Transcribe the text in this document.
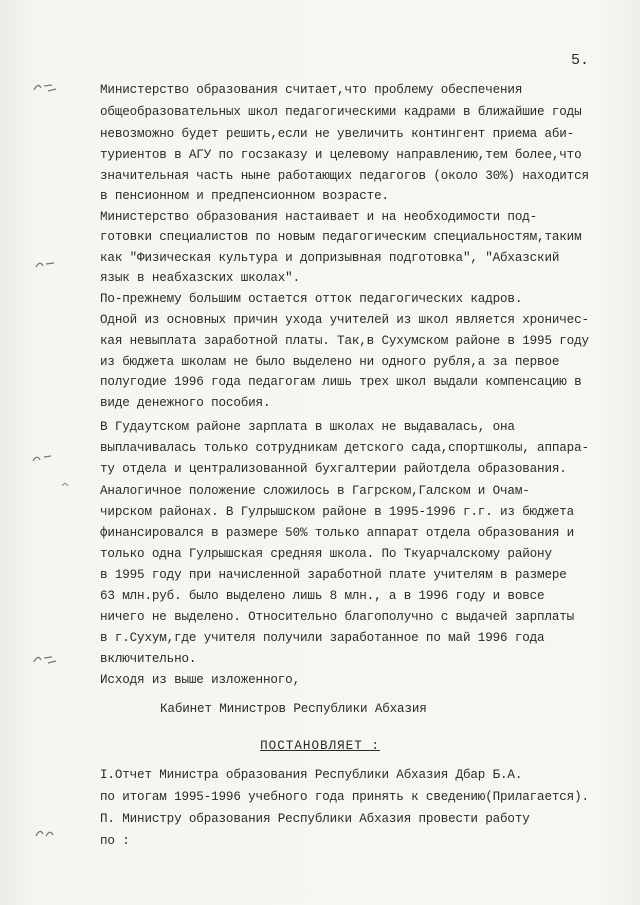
5.
Министерство образования считает,что проблему обеспечения
общеобразовательных школ педагогическими кадрами в ближайшие годы
невозможно будет решить,если не увеличить контингент приема аби-
туриентов в АГУ по госзаказу и целевому направлению,тем более,что
значительная часть ныне работающих педагогов (около 30%) находится
в пенсионном и предпенсионном возрасте.
Министерство образования настаивает и на необходимости под-
готовки специалистов по новым педагогическим специальностям,таким
как "Физическая культура и допризывная подготовка", "Абхазский
язык в неабхазских школах".
По-прежнему большим остается отток педагогических кадров.
Одной из основных причин ухода учителей из школ является хроничес-
кая невыплата заработной платы. Так,в Сухумском районе в 1995 году
из бюджета школам не было выделено ни одного рубля,а за первое
полугодие 1996 года педагогам лишь трех школ выдали компенсацию в
виде денежного пособия.
В Гудаутском районе зарплата в школах не выдавалась, она
выплачивалась только сотрудникам детского сада,спортшколы, аппара-
ту отдела и централизованной бухгалтерии райотдела образования.
Аналогичное положение сложилось в Гагрском,Галском и Очам-
чирском районах. В Гулрышском районе в 1995-1996 г.г. из бюджета
финансировался в размере 50% только аппарат отдела образования и
только одна Гулрышская средняя школа. По Ткуарчалскому району
в 1995 году при начисленной заработной плате учителям в размере
63 млн.руб. было выделено лишь 8 млн., а в 1996 году и вовсе
ничего не выделено. Относительно благополучно с выдачей зарплаты
в г.Сухум,где учителя получили заработанное по май 1996 года
включительно.
Исходя из выше изложенного,
Кабинет Министров Республики Абхазия
ПОСТАНОВЛЯЕТ :
I.Отчет Министра образования Республики Абхазия Дбар Б.А.
по итогам 1995-1996 учебного года принять к сведению(Прилагается).
П. Министру образования Республики Абхазия провести работу
по :
